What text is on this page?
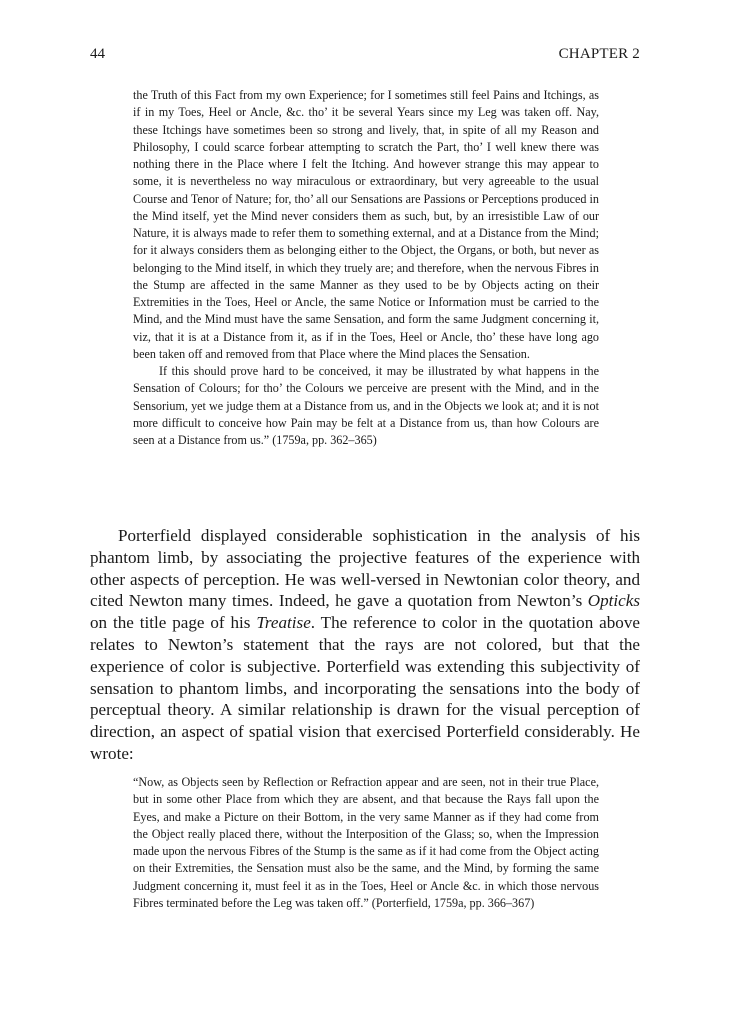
44	CHAPTER 2

the Truth of this Fact from my own Experience; for I sometimes still feel Pains and Itchings, as if in my Toes, Heel or Ancle, &c. tho’ it be several Years since my Leg was taken off. Nay, these Itchings have sometimes been so strong and lively, that, in spite of all my Reason and Philosophy, I could scarce forbear attempting to scratch the Part, tho’ I well knew there was nothing there in the Place where I felt the Itching. And however strange this may appear to some, it is nevertheless no way miraculous or extraordinary, but very agreeable to the usual Course and Tenor of Nature; for, tho’ all our Sensations are Passions or Perceptions produced in the Mind itself, yet the Mind never considers them as such, but, by an irresistible Law of our Nature, it is always made to refer them to something external, and at a Distance from the Mind; for it always considers them as belonging either to the Object, the Organs, or both, but never as belonging to the Mind itself, in which they truely are; and therefore, when the nervous Fibres in the Stump are affected in the same Manner as they used to be by Objects acting on their Extremities in the Toes, Heel or Ancle, the same Notice or Information must be carried to the Mind, and the Mind must have the same Sensation, and form the same Judgment concerning it, viz, that it is at a Distance from it, as if in the Toes, Heel or Ancle, tho’ these have long ago been taken off and removed from that Place where the Mind places the Sensation.

If this should prove hard to be conceived, it may be illustrated by what happens in the Sensation of Colours; for tho’ the Colours we perceive are present with the Mind, and in the Sensorium, yet we judge them at a Distance from us, and in the Objects we look at; and it is not more difficult to conceive how Pain may be felt at a Distance from us, than how Colours are seen at a Distance from us.” (1759a, pp. 362–365)

Porterfield displayed considerable sophistication in the analysis of his phantom limb, by associating the projective features of the experience with other aspects of perception. He was well-versed in Newtonian color theory, and cited Newton many times. Indeed, he gave a quotation from Newton’s Opticks on the title page of his Treatise. The reference to color in the quotation above relates to Newton’s statement that the rays are not colored, but that the experience of color is subjective. Porterfield was extending this subjectivity of sensation to phantom limbs, and incorporating the sensations into the body of perceptual theory. A similar relationship is drawn for the visual perception of direction, an aspect of spatial vision that exercised Porterfield considerably. He wrote:

“Now, as Objects seen by Reflection or Refraction appear and are seen, not in their true Place, but in some other Place from which they are absent, and that because the Rays fall upon the Eyes, and make a Picture on their Bottom, in the very same Manner as if they had come from the Object really placed there, without the Interposition of the Glass; so, when the Impression made upon the nervous Fibres of the Stump is the same as if it had come from the Object acting on their Extremities, the Sensation must also be the same, and the Mind, by forming the same Judgment concerning it, must feel it as in the Toes, Heel or Ancle &c. in which those nervous Fibres terminated before the Leg was taken off.” (Porterfield, 1759a, pp. 366–367)
